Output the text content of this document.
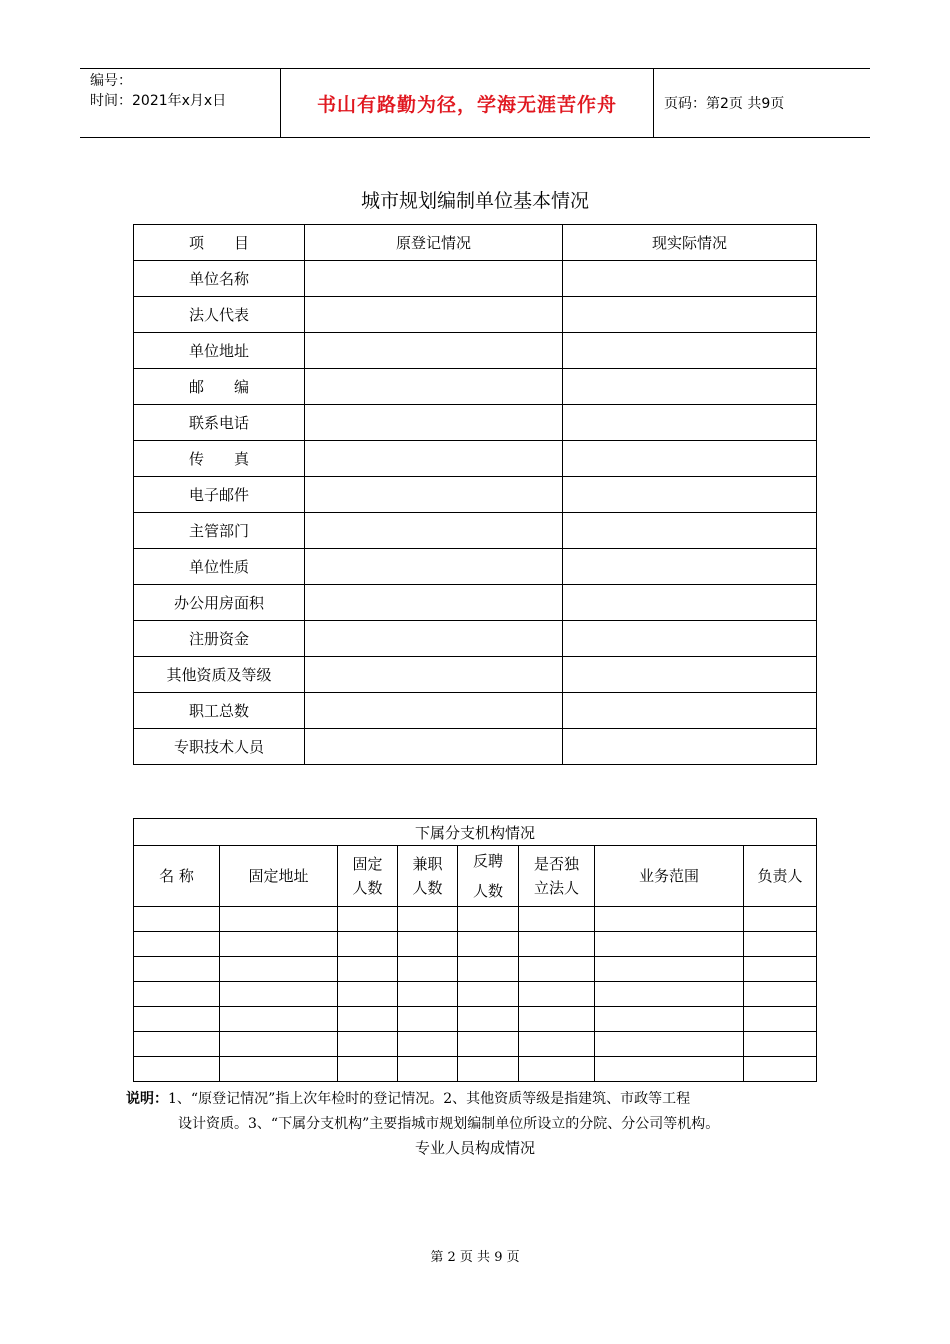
编号：
时间：2021年x月x日	书山有路勤为径，学海无涯苦作舟	页码：第2页 共9页
城市规划编制单位基本情况
项　　目	原登记情况	现实际情况
单位名称		
法人代表		
单位地址		
邮　　编		
联系电话		
传　　真		
电子邮件		
主管部门		
单位性质		
办公用房面积		
注册资金		
其他资质及等级		
职工总数		
专职技术人员		
下属分支机构情况							
名 称	固定地址	固定人数	兼职人数	反聘人数	是否独立法人	业务范围	负责人

说明：1、“原登记情况”指上次年检时的登记情况。2、其他资质等级是指建筑、市政等工程
设计资质。3、“下属分支机构”主要指城市规划编制单位所设立的分院、分公司等机构。
专业人员构成情况
第 2 页 共 9 页
